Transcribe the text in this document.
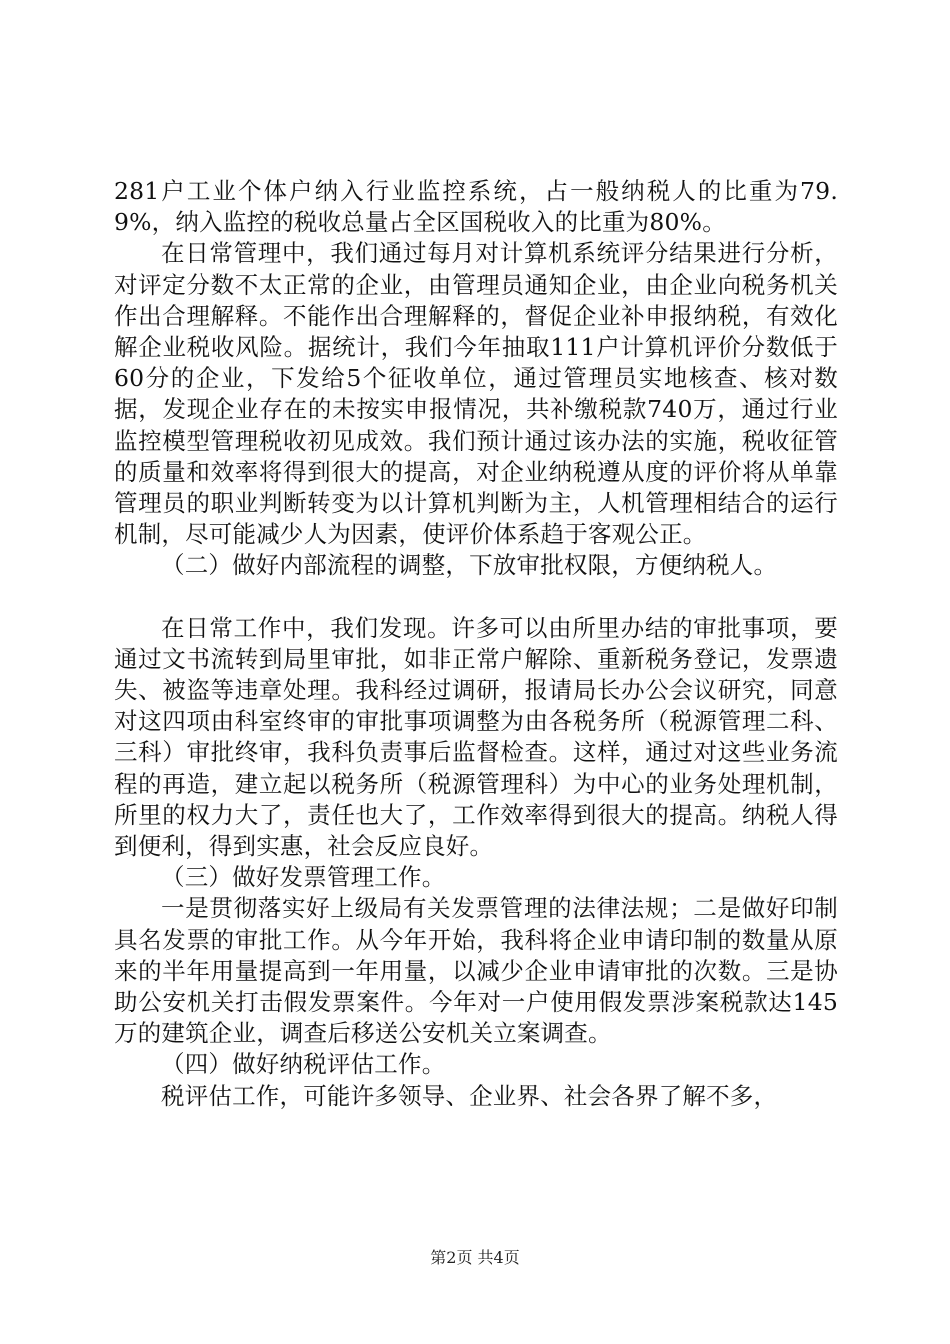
281户工业个体户纳入行业监控系统，占一般纳税人的比重为79.9%，纳入监控的税收总量占全区国税收入的比重为80%。

在日常管理中，我们通过每月对计算机系统评分结果进行分析，对评定分数不太正常的企业，由管理员通知企业，由企业向税务机关作出合理解释。不能作出合理解释的，督促企业补申报纳税，有效化解企业税收风险。据统计，我们今年抽取111户计算机评价分数低于60分的企业，下发给5个征收单位，通过管理员实地核查、核对数据，发现企业存在的未按实申报情况，共补缴税款740万，通过行业监控模型管理税收初见成效。我们预计通过该办法的实施，税收征管的质量和效率将得到很大的提高，对企业纳税遵从度的评价将从单靠管理员的职业判断转变为以计算机判断为主，人机管理相结合的运行机制，尽可能减少人为因素，使评价体系趋于客观公正。

（二）做好内部流程的调整，下放审批权限，方便纳税人。

在日常工作中，我们发现。许多可以由所里办结的审批事项，要通过文书流转到局里审批，如非正常户解除、重新税务登记，发票遗失、被盗等违章处理。我科经过调研，报请局长办公会议研究，同意对这四项由科室终审的审批事项调整为由各税务所（税源管理二科、三科）审批终审，我科负责事后监督检查。这样，通过对这些业务流程的再造，建立起以税务所（税源管理科）为中心的业务处理机制，所里的权力大了，责任也大了，工作效率得到很大的提高。纳税人得到便利，得到实惠，社会反应良好。

（三）做好发票管理工作。

一是贯彻落实好上级局有关发票管理的法律法规；二是做好印制具名发票的审批工作。从今年开始，我科将企业申请印制的数量从原来的半年用量提高到一年用量，以减少企业申请审批的次数。三是协助公安机关打击假发票案件。今年对一户使用假发票涉案税款达145万的建筑企业，调查后移送公安机关立案调查。

（四）做好纳税评估工作。

税评估工作，可能许多领导、企业界、社会各界了解不多，

第2页 共4页
